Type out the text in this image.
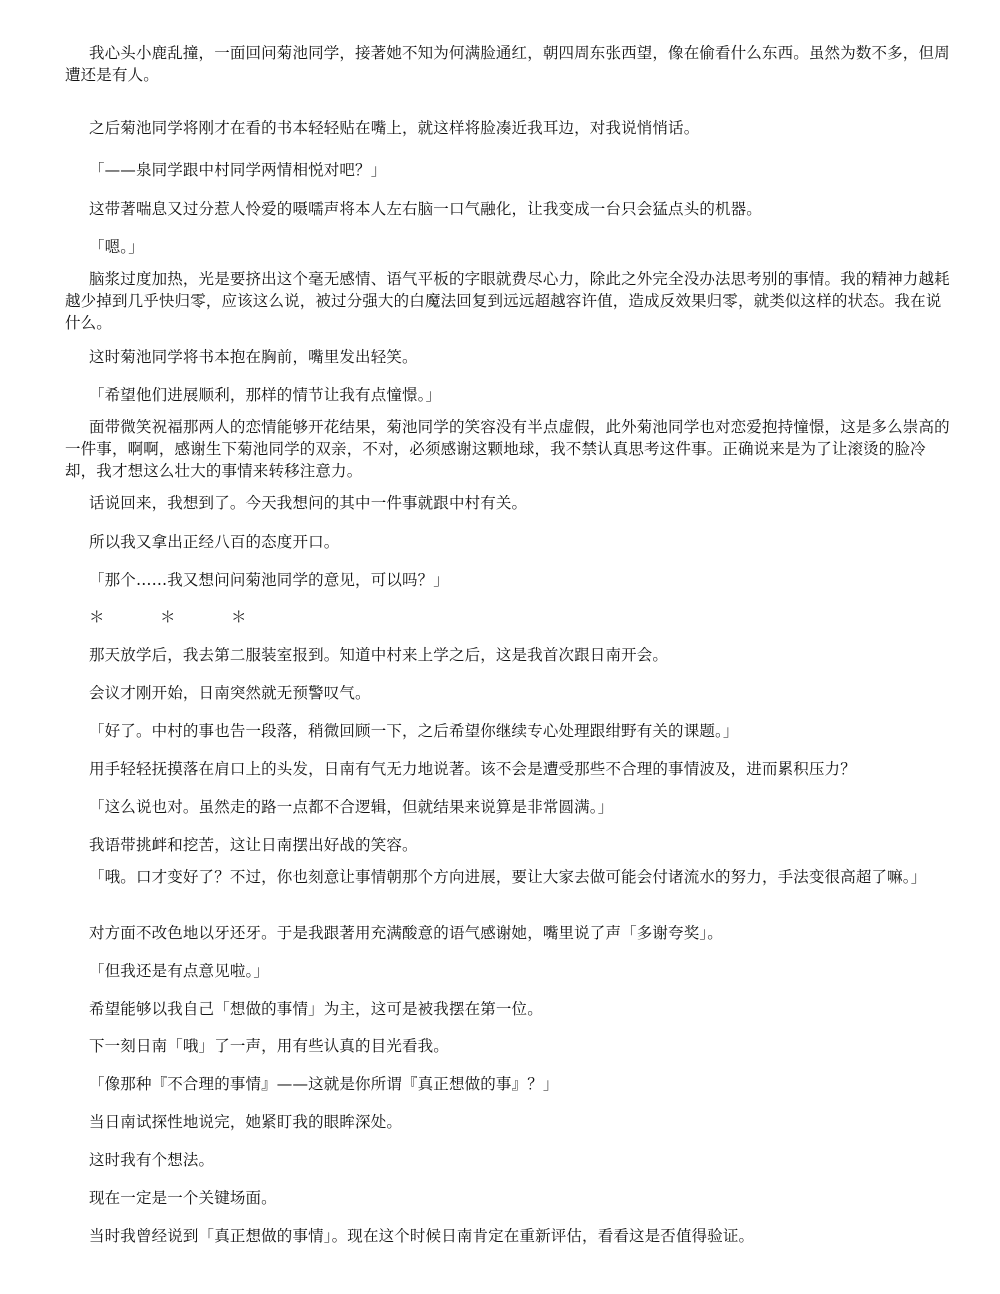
我心头小鹿乱撞，一面回问菊池同学，接著她不知为何满脸通红，朝四周东张西望，像在偷看什么东西。虽然为数不多，但周遭还是有人。

之后菊池同学将刚才在看的书本轻轻贴在嘴上，就这样将脸凑近我耳边，对我说悄悄话。

「——泉同学跟中村同学两情相悦对吧？」

这带著喘息又过分惹人怜爱的嗫嚅声将本人左右脑一口气融化，让我变成一台只会猛点头的机器。

「嗯。」

脑浆过度加热，光是要挤出这个毫无感情、语气平板的字眼就费尽心力，除此之外完全没办法思考别的事情。我的精神力越耗越少掉到几乎快归零，应该这么说，被过分强大的白魔法回复到远远超越容许值，造成反效果归零，就类似这样的状态。我在说什么。

这时菊池同学将书本抱在胸前，嘴里发出轻笑。

「希望他们进展顺利，那样的情节让我有点憧憬。」

面带微笑祝福那两人的恋情能够开花结果，菊池同学的笑容没有半点虚假，此外菊池同学也对恋爱抱持憧憬，这是多么崇高的一件事，啊啊，感谢生下菊池同学的双亲，不对，必须感谢这颗地球，我不禁认真思考这件事。正确说来是为了让滚烫的脸冷却，我才想这么壮大的事情来转移注意力。

话说回来，我想到了。今天我想问的其中一件事就跟中村有关。

所以我又拿出正经八百的态度开口。

「那个……我又想问问菊池同学的意见，可以吗？」

＊　＊　＊

那天放学后，我去第二服装室报到。知道中村来上学之后，这是我首次跟日南开会。

会议才刚开始，日南突然就无预警叹气。

「好了。中村的事也告一段落，稍微回顾一下，之后希望你继续专心处理跟绀野有关的课题。」

用手轻轻抚摸落在肩口上的头发，日南有气无力地说著。该不会是遭受那些不合理的事情波及，进而累积压力？

「这么说也对。虽然走的路一点都不合逻辑，但就结果来说算是非常圆满。」

我语带挑衅和挖苦，这让日南摆出好战的笑容。

「哦。口才变好了？不过，你也刻意让事情朝那个方向进展，要让大家去做可能会付诸流水的努力，手法变很高超了嘛。」

对方面不改色地以牙还牙。于是我跟著用充满酸意的语气感谢她，嘴里说了声「多谢夸奖」。

「但我还是有点意见啦。」

希望能够以我自己「想做的事情」为主，这可是被我摆在第一位。

下一刻日南「哦」了一声，用有些认真的目光看我。

「像那种『不合理的事情』——这就是你所谓『真正想做的事』？」

当日南试探性地说完，她紧盯我的眼眸深处。

这时我有个想法。

现在一定是一个关键场面。

当时我曾经说到「真正想做的事情」。现在这个时候日南肯定在重新评估，看看这是否值得验证。
